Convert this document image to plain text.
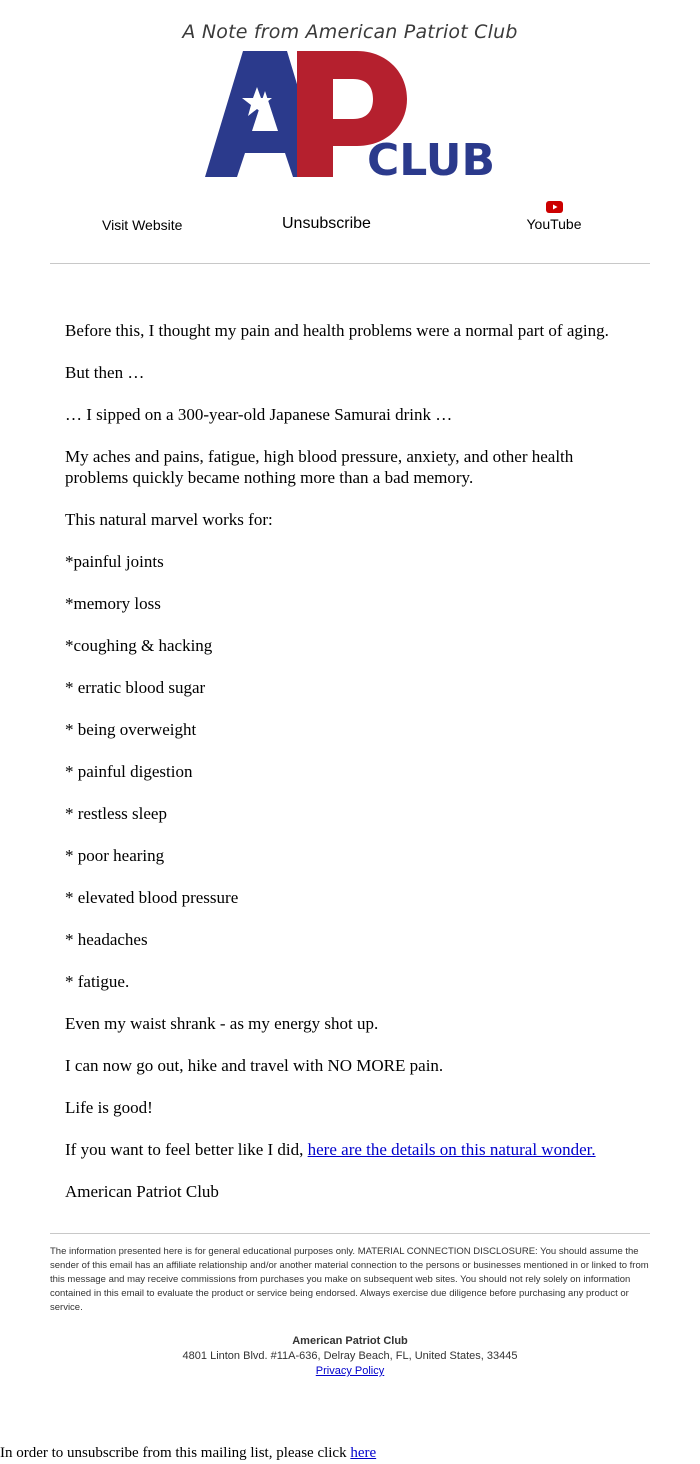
A Note from American Patriot Club

CLUB
Visit Website	Unsubscribe	YouTube

Before this, I thought my pain and health problems were a normal part of aging.

But then …

… I sipped on a 300-year-old Japanese Samurai drink …

My aches and pains, fatigue, high blood pressure, anxiety, and other health problems quickly became nothing more than a bad memory.

This natural marvel works for:

*painful joints

*memory loss

*coughing & hacking

* erratic blood sugar

* being overweight

* painful digestion

* restless sleep

* poor hearing

* elevated blood pressure

* headaches

* fatigue.

Even my waist shrank - as my energy shot up.

I can now go out, hike and travel with NO MORE pain.

Life is good!

If you want to feel better like I did, here are the details on this natural wonder.

American Patriot Club

The information presented here is for general educational purposes only. MATERIAL CONNECTION DISCLOSURE: You should assume the sender of this email has an affiliate relationship and/or another material connection to the persons or businesses mentioned in or linked to from this message and may receive commissions from purchases you make on subsequent web sites. You should not rely solely on information contained in this email to evaluate the product or service being endorsed. Always exercise due diligence before purchasing any product or service.

American Patriot Club
4801 Linton Blvd. #11A-636, Delray Beach, FL, United States, 33445
Privacy Policy
In order to unsubscribe from this mailing list, please click here
